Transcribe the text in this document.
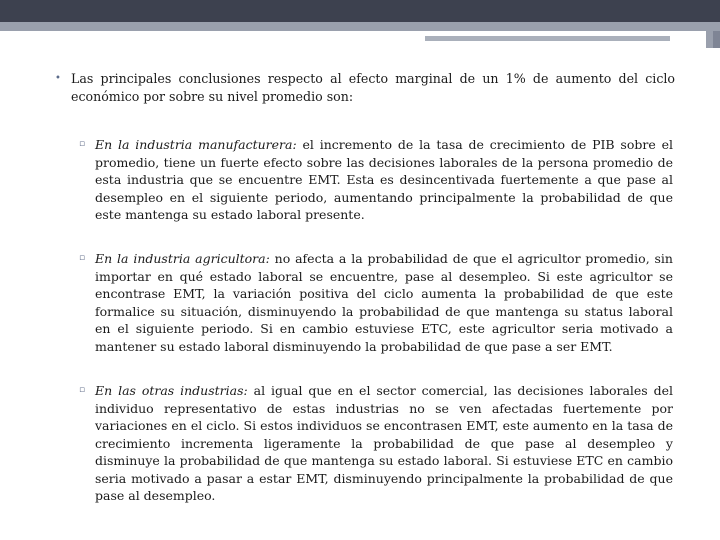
• Las principales conclusiones respecto al efecto marginal de un 1% de aumento del ciclo económico por sobre su nivel promedio son:
▫ En la industria manufacturera: el incremento de la tasa de crecimiento de PIB sobre el promedio, tiene un fuerte efecto sobre las decisiones laborales de la persona promedio de esta industria que se encuentre EMT. Esta es desincentivada fuertemente a que pase al desempleo en el siguiente periodo, aumentando principalmente la probabilidad de que este mantenga su estado laboral presente.
▫ En la industria agricultora: no afecta a la probabilidad de que el agricultor promedio, sin importar en qué estado laboral se encuentre, pase al desempleo. Si este agricultor se encontrase EMT, la variación positiva del ciclo aumenta la probabilidad de que este formalice su situación, disminuyendo la probabilidad de que mantenga su status laboral en el siguiente periodo. Si en cambio estuviese ETC, este agricultor seria motivado a mantener su estado laboral disminuyendo la probabilidad de que pase a ser EMT.
▫ En las otras industrias: al igual que en el sector comercial, las decisiones laborales del individuo representativo de estas industrias no se ven afectadas fuertemente por variaciones en el ciclo. Si estos individuos se encontrasen EMT, este aumento en la tasa de crecimiento incrementa ligeramente la probabilidad de que pase al desempleo y disminuye la probabilidad de que mantenga su estado laboral. Si estuviese ETC en cambio seria motivado a pasar a estar EMT, disminuyendo principalmente la probabilidad de que pase al desempleo.
